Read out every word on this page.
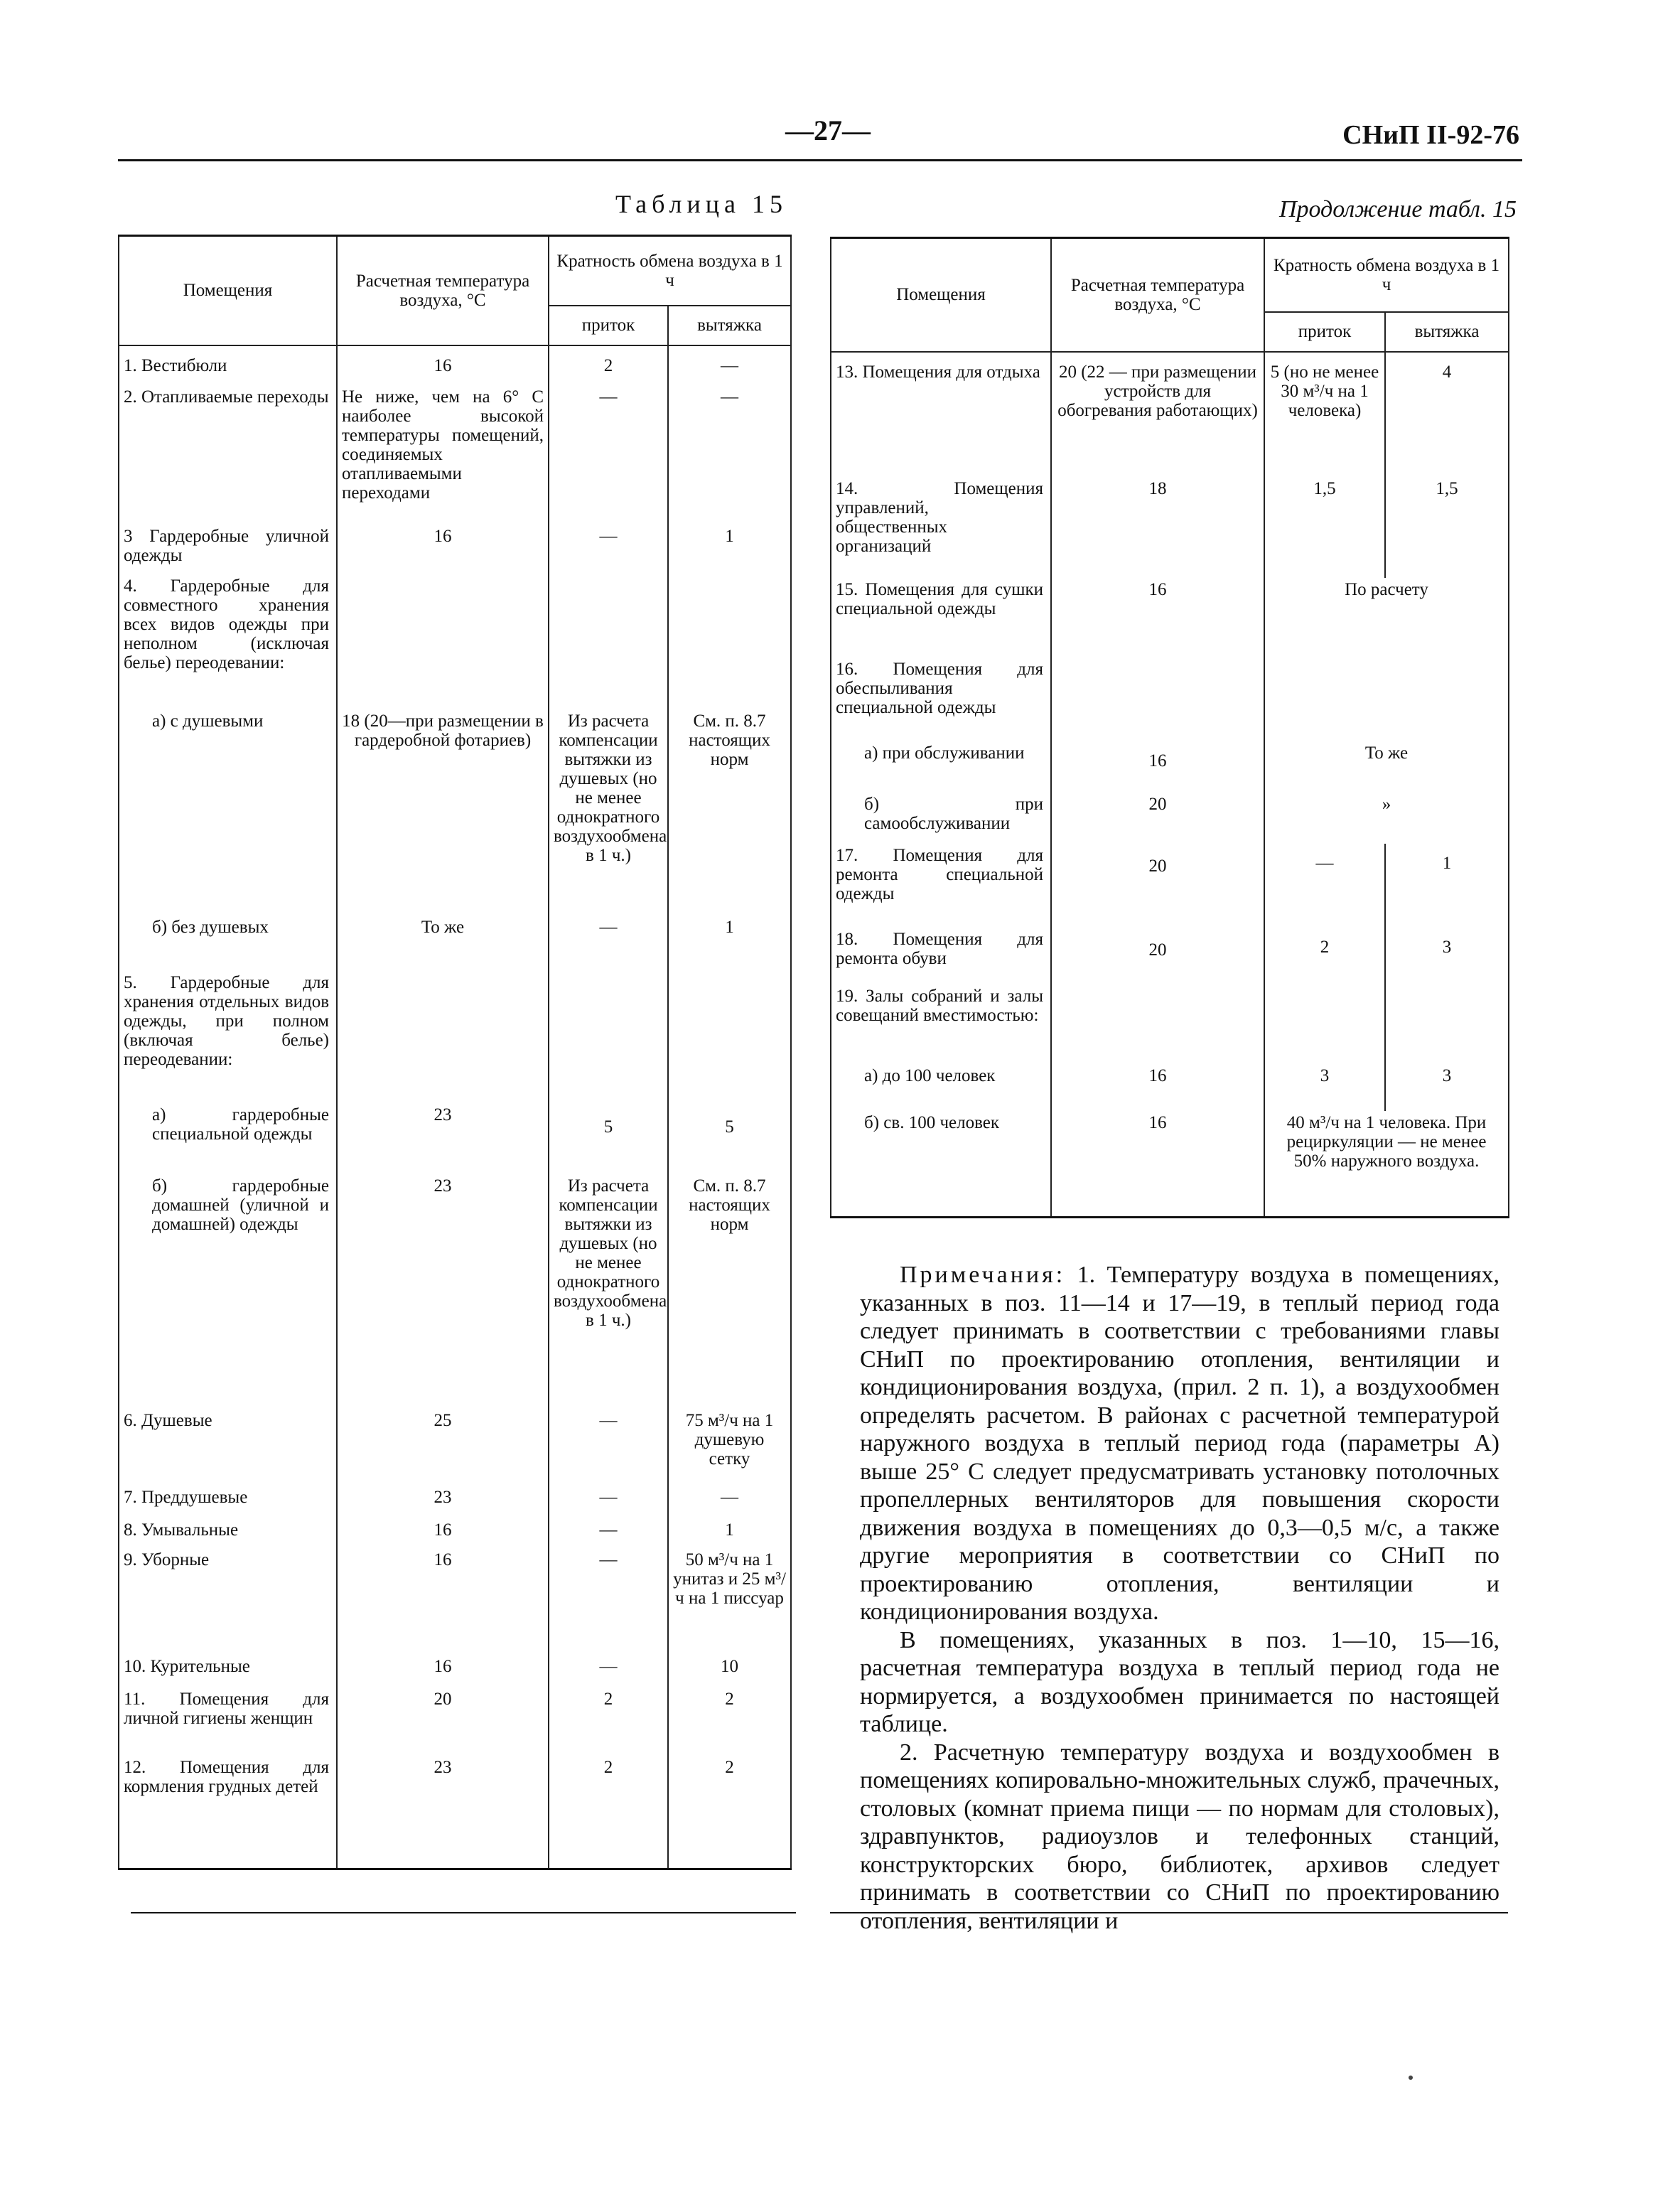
—27—	СНиП II-92-76
Таблица 15	Продолжение табл. 15
Помещения	Расчетная температура воздуха, °С	Кратность обмена воздуха в 1 ч	
		приток	вытяжка
1. Вестибюли	16	2	—
2. Отапливаемые переходы	Не ниже, чем на 6° С наиболее высокой температуры помещений, соединяемых отапливаемыми переходами	—	—
3 Гардеробные уличной одежды	16	—	1
4. Гардеробные для совместного хранения всех видов одежды при неполном (исключая белье) переодевании:			
а) с душевыми	18 (20—при размещении в гардеробной фотариев)	Из расчета компенсации вытяжки из душевых (но не менее однократного воздухообмена в 1 ч.)	См. п. 8.7 настоящих норм
б) без душевых	То же	—	1
5. Гардеробные для хранения отдельных видов одежды, при полном (включая белье) переодевании:			
а) гардеробные специальной одежды	23	5	5
б) гардеробные домашней (уличной и домашней) одежды	23	Из расчета компенсации вытяжки из душевых (но не менее однократного воздухообмена в 1 ч.)	См. п. 8.7 настоящих норм
6. Душевые	25	—	75 м³/ч на 1 душевую сетку
7. Преддушевые	23	—	—
8. Умывальные	16	—	1
9. Уборные	16	—	50 м³/ч на 1 унитаз и 25 м³/ч на 1 писсуар
10. Курительные	16	—	10
11. Помещения для личной гигиены женщин	20	2	2
12. Помещения для кормления грудных детей	23	2	2
Помещения	Расчетная температура воздуха, °С	Кратность обмена воздуха в 1 ч	
		приток	вытяжка
13. Помещения для отдыха	20 (22 — при размещении устройств для обогревания работающих)	5 (но не менее 30 м³/ч на 1 человека)	4
14. Помещения управлений, общественных организаций	18	1,5	1,5
15. Помещения для сушки специальной одежды	16	По расчету	
16. Помещения для обеспыливания специальной одежды			
а) при обслуживании	16	То же	
б) при самообслуживании	20	»	
17. Помещения для ремонта специальной одежды	20	—	1
18. Помещения для ремонта обуви	20	2	3
19. Залы собраний и залы совещаний вместимостью:			
а) до 100 человек	16	3	3
б) св. 100 человек	16	40 м³/ч на 1 человека. При рециркуляции — не менее 50% наружного воздуха.	

Примечания: 1. Температуру воздуха в помещениях, указанных в поз. 11—14 и 17—19, в теплый период года следует принимать в соответствии с требованиями главы СНиП по проектированию отопления, вентиляции и кондиционирования воздуха, (прил. 2 п. 1), а воздухообмен определять расчетом. В районах с расчетной температурой наружного воздуха в теплый период года (параметры А) выше 25° С следует предусматривать установку потолочных пропеллерных вентиляторов для повышения скорости движения воздуха в помещениях до 0,3—0,5 м/с, а также другие мероприятия в соответствии со СНиП по проектированию отопления, вентиляции и кондиционирования воздуха.

В помещениях, указанных в поз. 1—10, 15—16, расчетная температура воздуха в теплый период года не нормируется, а воздухообмен принимается по настоящей таблице.

2. Расчетную температуру воздуха и воздухообмен в помещениях копировально-множительных служб, прачечных, столовых (комнат приема пищи — по нормам для столовых), здравпунктов, радиоузлов и телефонных станций, конструкторских бюро, библиотек, архивов следует принимать в соответствии со СНиП по проектированию отопления, вентиляции и
